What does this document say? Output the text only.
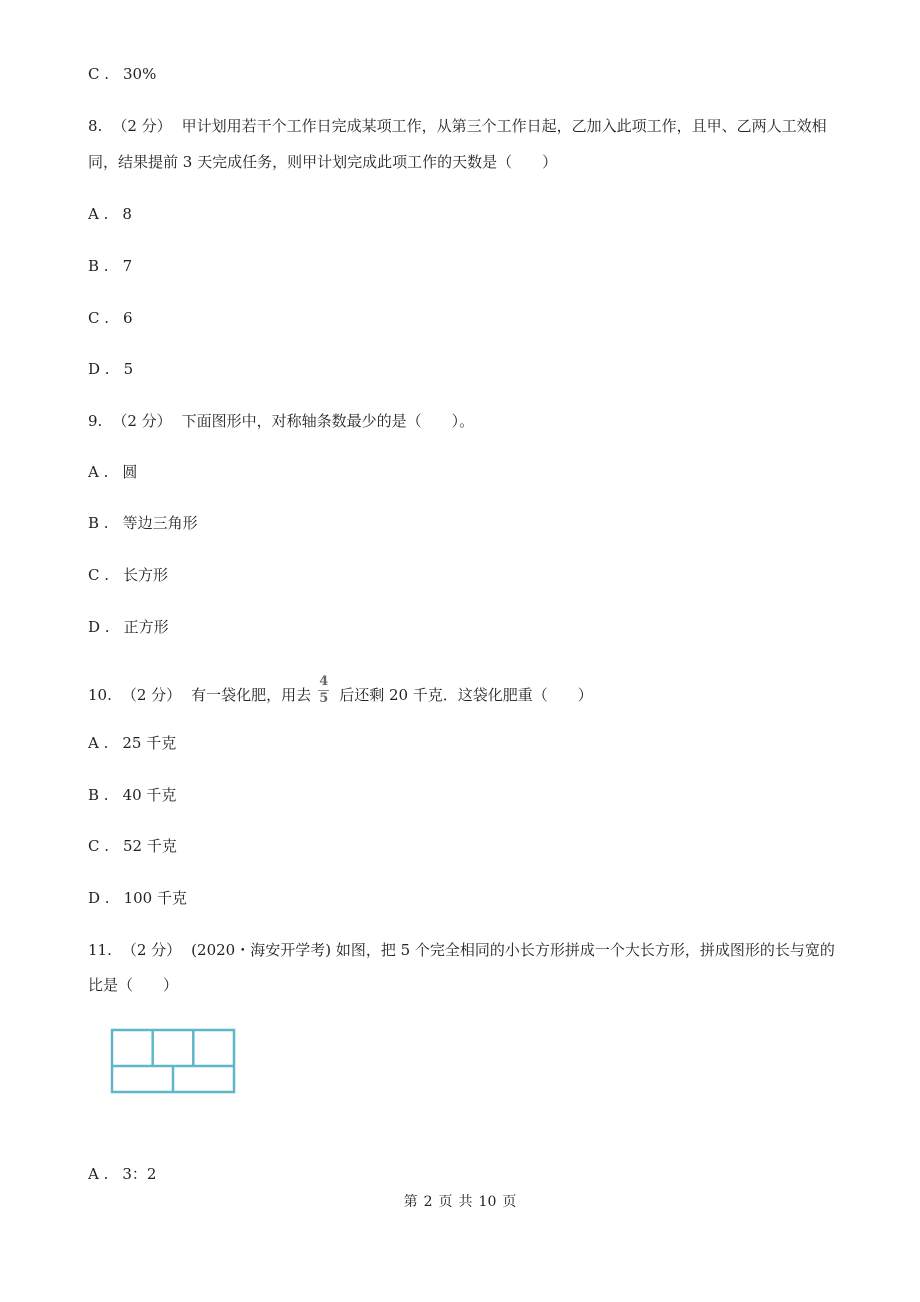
C . 30%
8. （2 分） 甲计划用若干个工作日完成某项工作，从第三个工作日起，乙加入此项工作，且甲、乙两人工效相
同，结果提前 3 天完成任务，则甲计划完成此项工作的天数是（　　）
A . 8
B . 7
C . 6
D . 5
9. （2 分） 下面图形中，对称轴条数最少的是（　　）。
A . 圆
B . 等边三角形
C . 长方形
D . 正方形
10. （2 分） 有一袋化肥，用去 $\frac{4}{5}$ 后还剩 20 千克．这袋化肥重（　　）
A . 25 千克
B . 40 千克
C . 52 千克
D . 100 千克
11. （2 分） (2020・海安开学考) 如图，把 5 个完全相同的小长方形拼成一个大长方形，拼成图形的长与宽的
比是（　　）
A . 3：2
第 2 页 共 10 页
